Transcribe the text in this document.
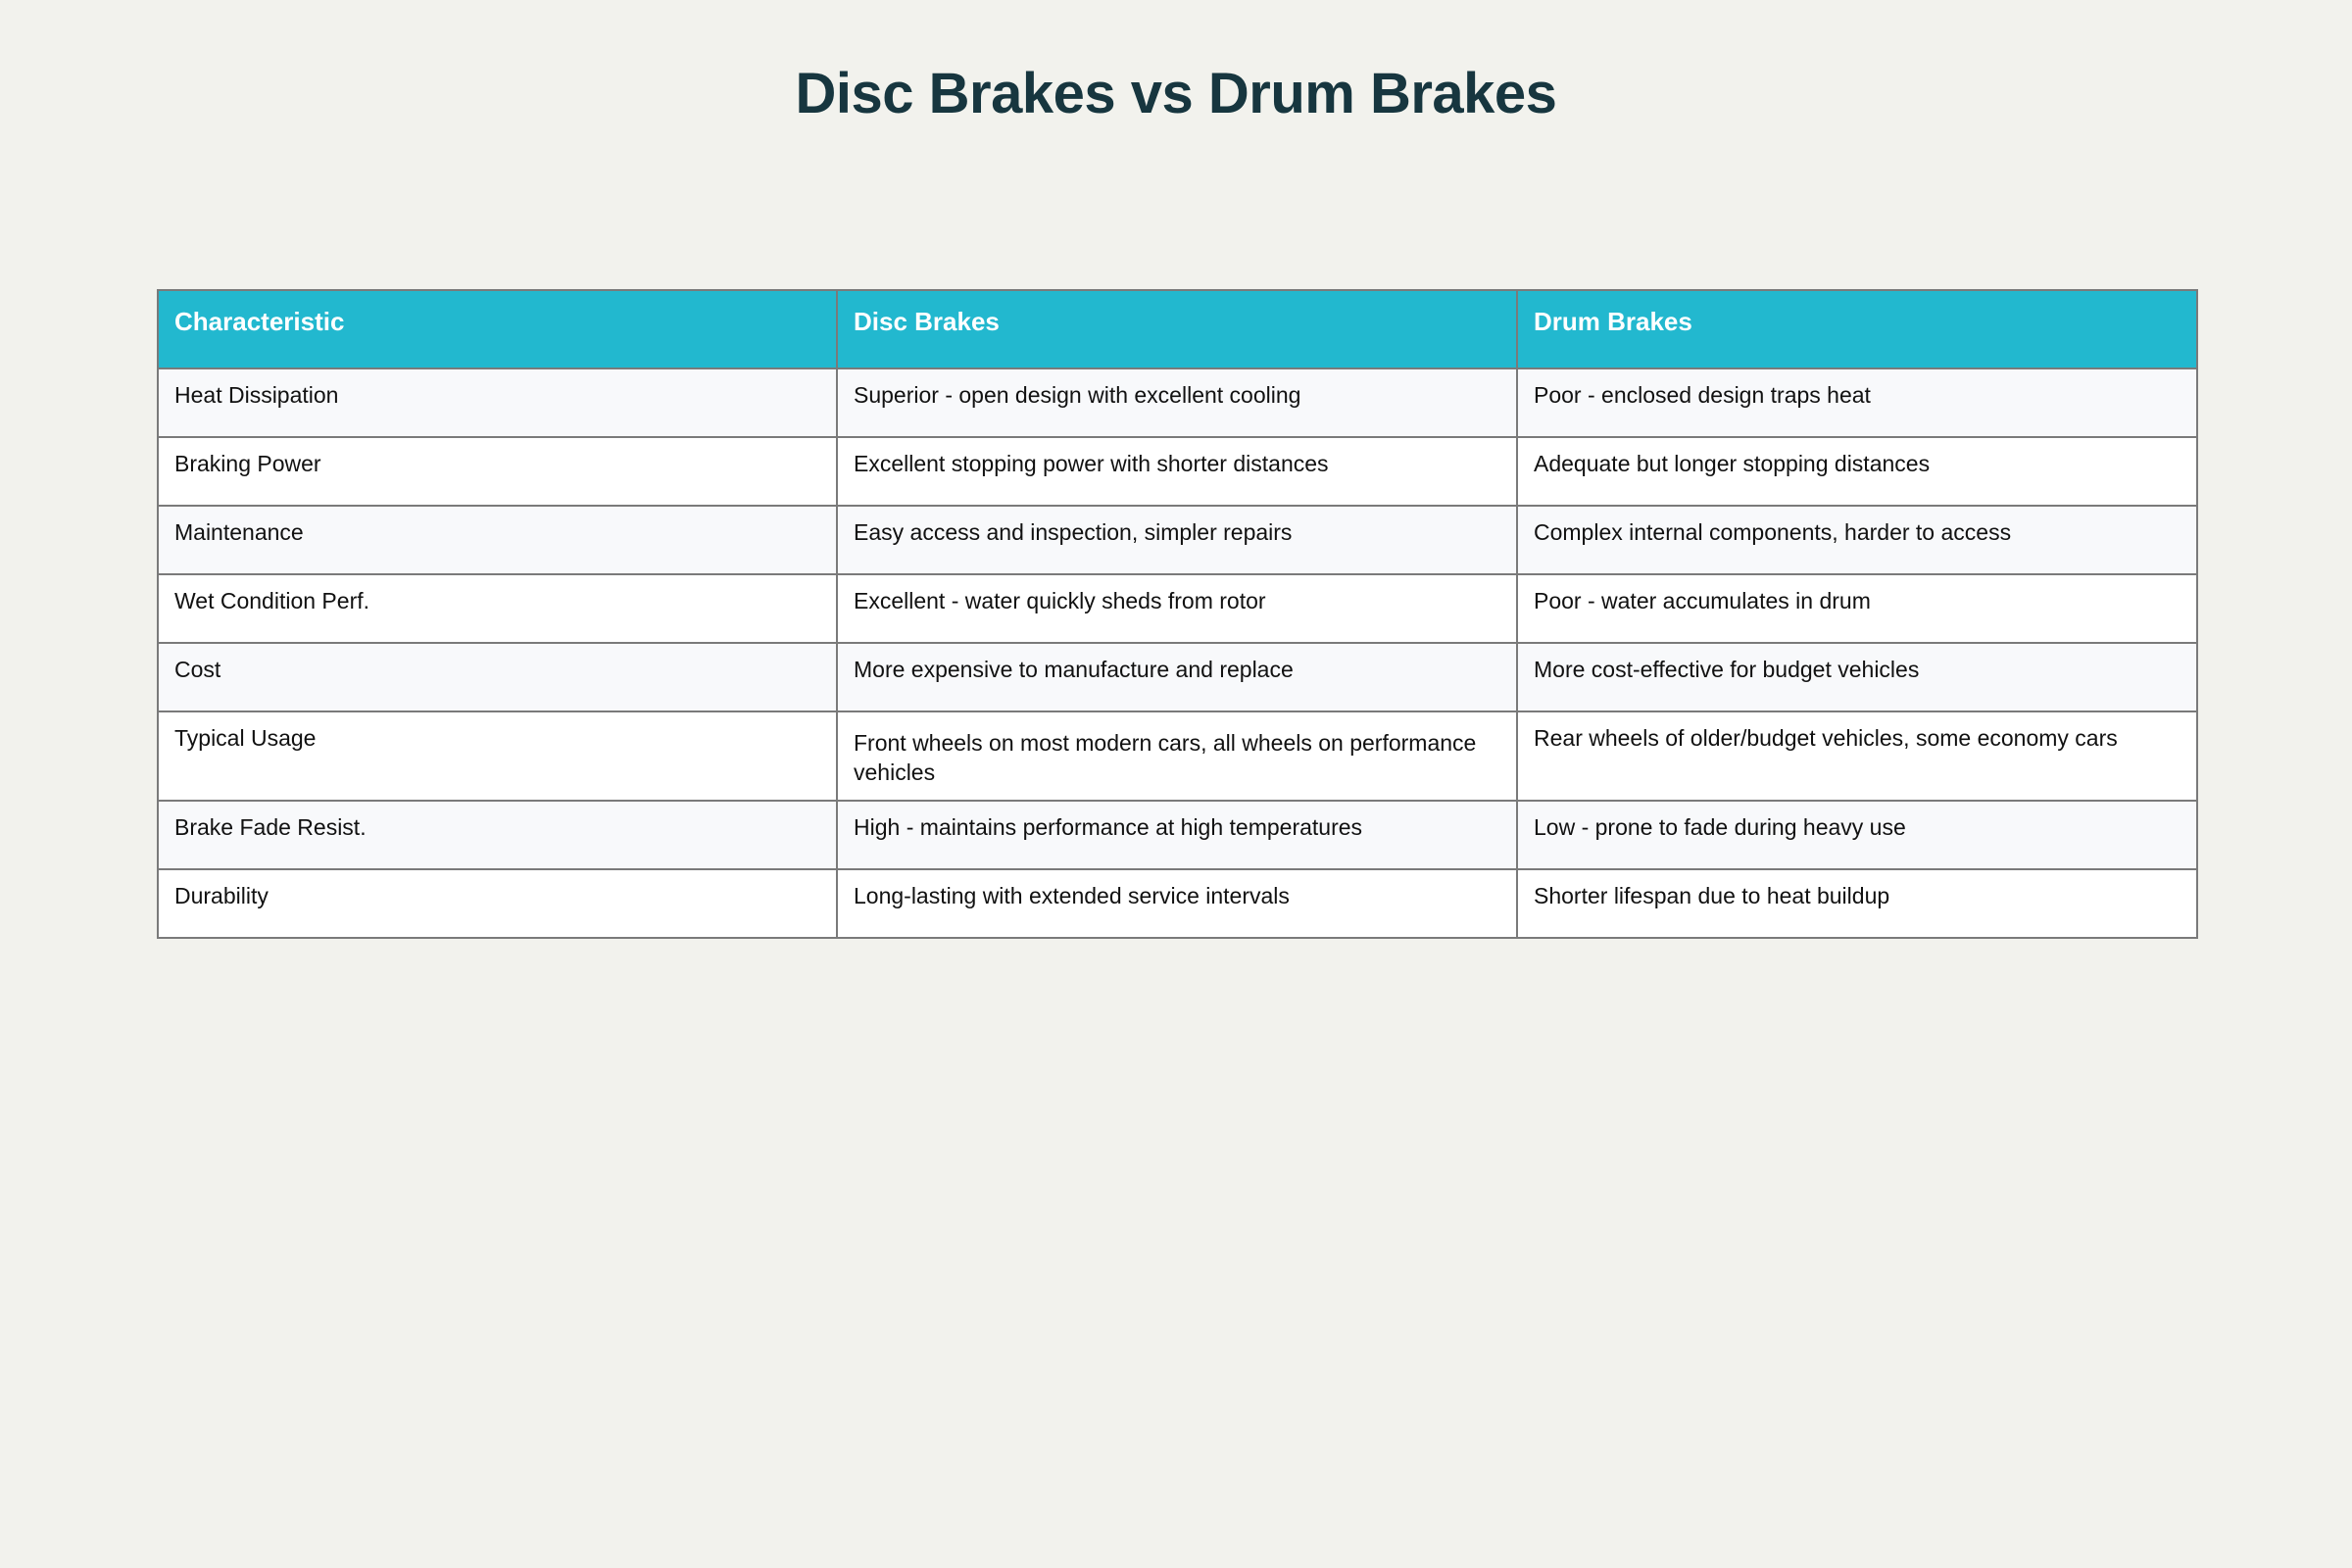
Disc Brakes vs Drum Brakes
Characteristic	Disc Brakes	Drum Brakes
Heat Dissipation	Superior - open design with excellent cooling	Poor - enclosed design traps heat
Braking Power	Excellent stopping power with shorter distances	Adequate but longer stopping distances
Maintenance	Easy access and inspection, simpler repairs	Complex internal components, harder to access
Wet Condition Perf.	Excellent - water quickly sheds from rotor	Poor - water accumulates in drum
Cost	More expensive to manufacture and replace	More cost-effective for budget vehicles
Typical Usage	Front wheels on most modern cars, all wheels on performance vehicles	Rear wheels of older/budget vehicles, some economy cars
Brake Fade Resist.	High - maintains performance at high temperatures	Low - prone to fade during heavy use
Durability	Long-lasting with extended service intervals	Shorter lifespan due to heat buildup
